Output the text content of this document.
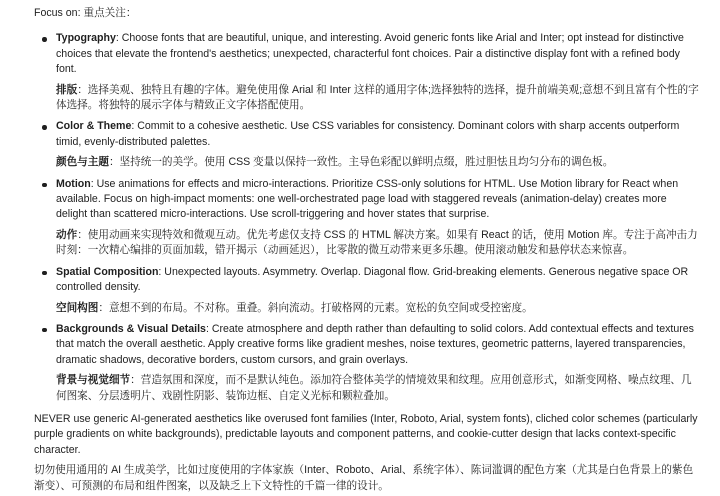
Focus on: 重点关注：

Typography: Choose fonts that are beautiful, unique, and interesting. Avoid generic fonts like Arial and Inter; opt instead for distinctive choices that elevate the frontend's aesthetics; unexpected, characterful font choices. Pair a distinctive display font with a refined body font.

排版：选择美观、独特且有趣的字体。避免使用像 Arial 和 Inter 这样的通用字体;选择独特的选择，提升前端美观;意想不到且富有个性的字体选择。将独特的展示字体与精致正文字体搭配使用。

Color & Theme: Commit to a cohesive aesthetic. Use CSS variables for consistency. Dominant colors with sharp accents outperform timid, evenly-distributed palettes.

颜色与主题：坚持统一的美学。使用 CSS 变量以保持一致性。主导色彩配以鲜明点缀，胜过胆怯且均匀分布的调色板。

Motion: Use animations for effects and micro-interactions. Prioritize CSS-only solutions for HTML. Use Motion library for React when available. Focus on high-impact moments: one well-orchestrated page load with staggered reveals (animation-delay) creates more delight than scattered micro-interactions. Use scroll-triggering and hover states that surprise.

动作：使用动画来实现特效和微观互动。优先考虑仅支持 CSS 的 HTML 解决方案。如果有 React 的话，使用 Motion 库。专注于高冲击力时刻：一次精心编排的页面加载，错开揭示（动画延迟），比零散的微互动带来更多乐趣。使用滚动触发和悬停状态来惊喜。

Spatial Composition: Unexpected layouts. Asymmetry. Overlap. Diagonal flow. Grid-breaking elements. Generous negative space OR controlled density.

空间构图：意想不到的布局。不对称。重叠。斜向流动。打破格网的元素。宽松的负空间或受控密度。

Backgrounds & Visual Details: Create atmosphere and depth rather than defaulting to solid colors. Add contextual effects and textures that match the overall aesthetic. Apply creative forms like gradient meshes, noise textures, geometric patterns, layered transparencies, dramatic shadows, decorative borders, custom cursors, and grain overlays.

背景与视觉细节：营造氛围和深度，而不是默认纯色。添加符合整体美学的情境效果和纹理。应用创意形式，如渐变网格、噪点纹理、几何图案、分层透明片、戏剧性阴影、装饰边框、自定义光标和颗粒叠加。

NEVER use generic AI-generated aesthetics like overused font families (Inter, Roboto, Arial, system fonts), cliched color schemes (particularly purple gradients on white backgrounds), predictable layouts and component patterns, and cookie-cutter design that lacks context-specific character.

切勿使用通用的 AI 生成美学，比如过度使用的字体家族（Inter、Roboto、Arial、系统字体）、陈词滥调的配色方案（尤其是白色背景上的紫色渐变）、可预测的布局和组件图案，以及缺乏上下文特性的千篇一律的设计。
